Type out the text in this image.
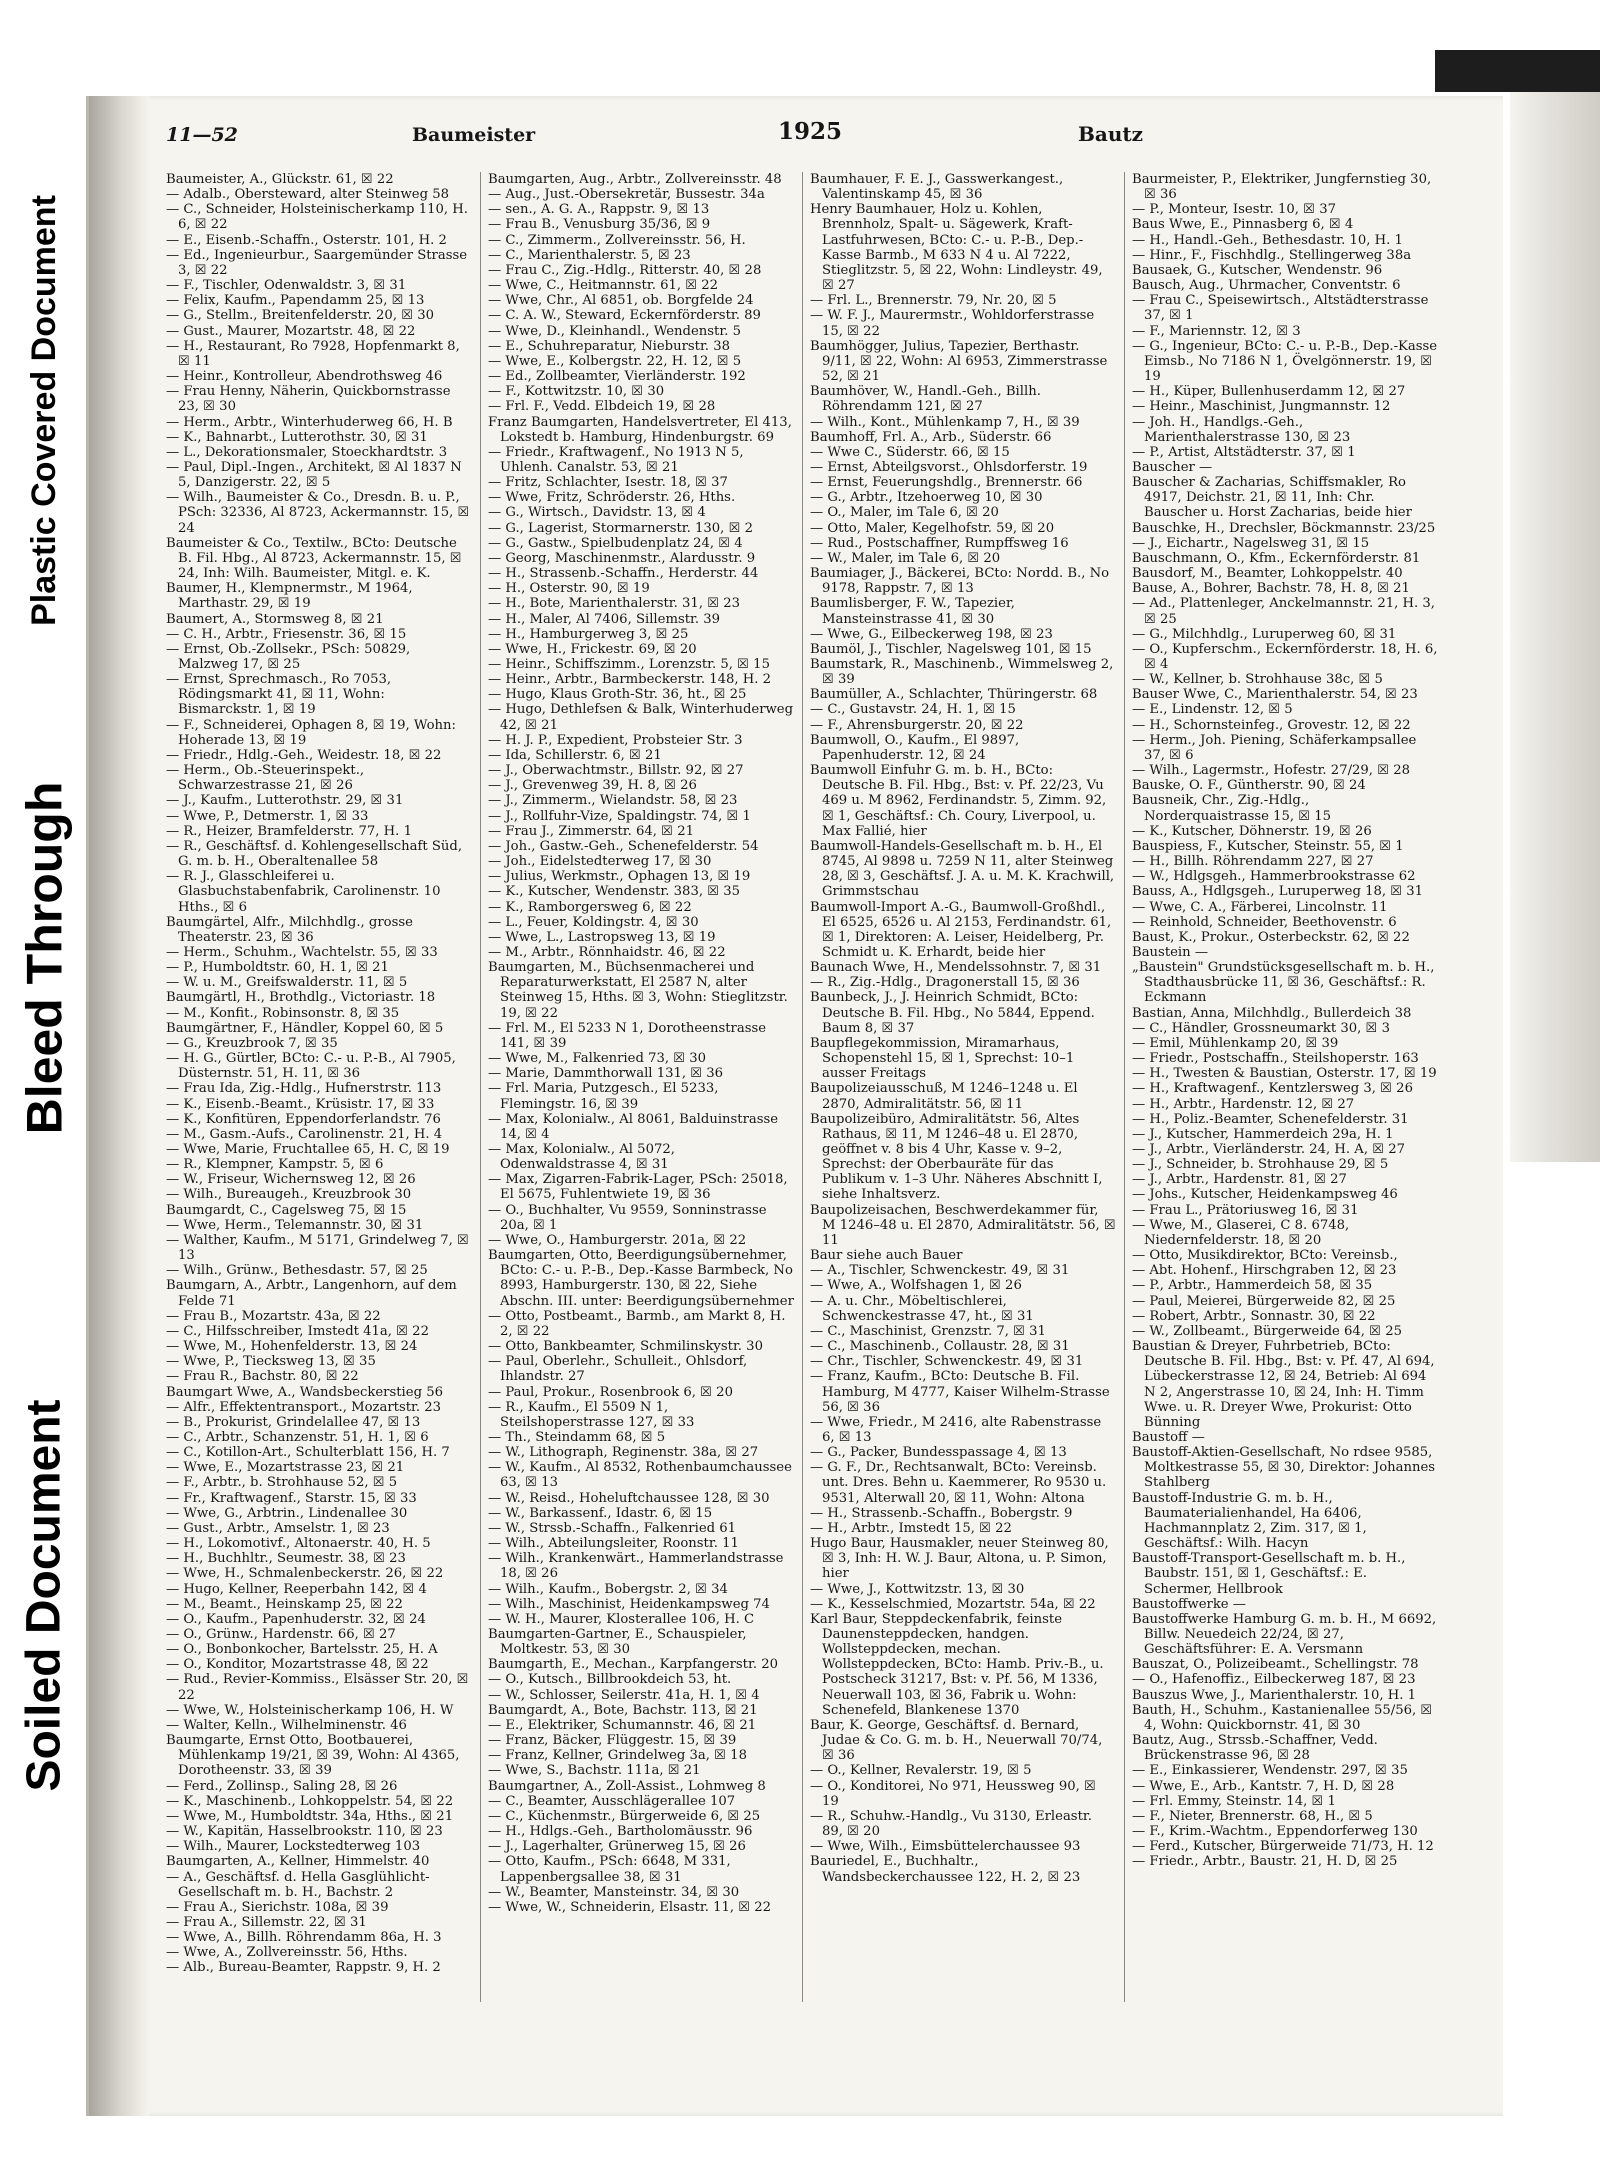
Plastic Covered Document
Bleed Through
Soiled Document
11—52	Baumeister	1925	Bautz

Baumeister, A., Glückstr. 61, ☒ 22

— Adalb., Obersteward, alter Steinweg 58

— C., Schneider, Holsteinischerkamp 110, H. 6, ☒ 22

— E., Eisenb.-Schaffn., Osterstr. 101, H. 2

— Ed., Ingenieurbur., Saargemünder Strasse 3, ☒ 22

— F., Tischler, Odenwaldstr. 3, ☒ 31

— Felix, Kaufm., Papendamm 25, ☒ 13

— G., Stellm., Breitenfelderstr. 20, ☒ 30

— Gust., Maurer, Mozartstr. 48, ☒ 22

— H., Restaurant, Ro 7928, Hopfenmarkt 8, ☒ 11

— Heinr., Kontrolleur, Abendrothsweg 46

— Frau Henny, Näherin, Quickbornstrasse 23, ☒ 30

— Herm., Arbtr., Winterhuderweg 66, H. B

— K., Bahnarbt., Lutterothstr. 30, ☒ 31

— L., Dekorationsmaler, Stoeckhardtstr. 3

— Paul, Dipl.-Ingen., Architekt, ☒ Al 1837 N 5, Danzigerstr. 22, ☒ 5

— Wilh., Baumeister & Co., Dresdn. B. u. P., PSch: 32336, Al 8723, Ackermannstr. 15, ☒ 24

Baumeister & Co., Textilw., BCto: Deutsche B. Fil. Hbg., Al 8723, Ackermannstr. 15, ☒ 24, Inh: Wilh. Baumeister, Mitgl. e. K.

Baumer, H., Klempnermstr., M 1964, Marthastr. 29, ☒ 19

Baumert, A., Stormsweg 8, ☒ 21

— C. H., Arbtr., Friesenstr. 36, ☒ 15

— Ernst, Ob.-Zollsekr., PSch: 50829, Malzweg 17, ☒ 25

— Ernst, Sprechmasch., Ro 7053, Rödingsmarkt 41, ☒ 11, Wohn: Bismarckstr. 1, ☒ 19

— F., Schneiderei, Ophagen 8, ☒ 19, Wohn: Hoherade 13, ☒ 19

— Friedr., Hdlg.-Geh., Weidestr. 18, ☒ 22

— Herm., Ob.-Steuerinspekt., Schwarzestrasse 21, ☒ 26

— J., Kaufm., Lutterothstr. 29, ☒ 31

— Wwe, P., Detmerstr. 1, ☒ 33

— R., Heizer, Bramfelderstr. 77, H. 1

— R., Geschäftsf. d. Kohlengesellschaft Süd, G. m. b. H., Oberaltenallee 58

— R. J., Glasschleiferei u. Glasbuchstabenfabrik, Carolinenstr. 10 Hths., ☒ 6

Baumgärtel, Alfr., Milchhdlg., grosse Theaterstr. 23, ☒ 36

— Herm., Schuhm., Wachtelstr. 55, ☒ 33

— P., Humboldtstr. 60, H. 1, ☒ 21

— W. u. M., Greifswalderstr. 11, ☒ 5

Baumgärtl, H., Brothdlg., Victoriastr. 18

— M., Konfit., Robinsonstr. 8, ☒ 35

Baumgärtner, F., Händler, Koppel 60, ☒ 5

— G., Kreuzbrook 7, ☒ 35

— H. G., Gürtler, BCto: C.- u. P.-B., Al 7905, Düsternstr. 51, H. 11, ☒ 36

— Frau Ida, Zig.-Hdlg., Hufnerstrstr. 113

— K., Eisenb.-Beamt., Krüsistr. 17, ☒ 33

— K., Konfitüren, Eppendorferlandstr. 76

— M., Gasm.-Aufs., Carolinenstr. 21, H. 4

— Wwe, Marie, Fruchtallee 65, H. C, ☒ 19

— R., Klempner, Kampstr. 5, ☒ 6

— W., Friseur, Wichernsweg 12, ☒ 26

— Wilh., Bureaugeh., Kreuzbrook 30

Baumgardt, C., Cagelsweg 75, ☒ 15

— Wwe, Herm., Telemannstr. 30, ☒ 31

— Walther, Kaufm., M 5171, Grindelweg 7, ☒ 13

— Wilh., Grünw., Bethesdastr. 57, ☒ 25

Baumgarn, A., Arbtr., Langenhorn, auf dem Felde 71

— Frau B., Mozartstr. 43a, ☒ 22

— C., Hilfsschreiber, Imstedt 41a, ☒ 22

— Wwe, M., Hohenfelderstr. 13, ☒ 24

— Wwe, P., Tiecksweg 13, ☒ 35

— Frau R., Bachstr. 80, ☒ 22

Baumgart Wwe, A., Wandsbeckerstieg 56

— Alfr., Effektentransport., Mozartstr. 23

— B., Prokurist, Grindelallee 47, ☒ 13

— C., Arbtr., Schanzenstr. 51, H. 1, ☒ 6

— C., Kotillon-Art., Schulterblatt 156, H. 7

— Wwe, E., Mozartstrasse 23, ☒ 21

— F., Arbtr., b. Strohhause 52, ☒ 5

— Fr., Kraftwagenf., Starstr. 15, ☒ 33

— Wwe, G., Arbtrin., Lindenallee 30

— Gust., Arbtr., Amselstr. 1, ☒ 23

— H., Lokomotivf., Altonaerstr. 40, H. 5

— H., Buchhltr., Seumestr. 38, ☒ 23

— Wwe, H., Schmalenbeckerstr. 26, ☒ 22

— Hugo, Kellner, Reeperbahn 142, ☒ 4

— M., Beamt., Heinskamp 25, ☒ 22

— O., Kaufm., Papenhuderstr. 32, ☒ 24

— O., Grünw., Hardenstr. 66, ☒ 27

— O., Bonbonkocher, Bartelsstr. 25, H. A

— O., Konditor, Mozartstrasse 48, ☒ 22

— Rud., Revier-Kommiss., Elsässer Str. 20, ☒ 22

— Wwe, W., Holsteinischerkamp 106, H. W

— Walter, Kelln., Wilhelminenstr. 46

Baumgarte, Ernst Otto, Bootbauerei, Mühlenkamp 19/21, ☒ 39, Wohn: Al 4365, Dorotheenstr. 33, ☒ 39

— Ferd., Zollinsp., Saling 28, ☒ 26

— K., Maschinenb., Lohkoppelstr. 54, ☒ 22

— Wwe, M., Humboldtstr. 34a, Hths., ☒ 21

— W., Kapitän, Hasselbrookstr. 110, ☒ 23

— Wilh., Maurer, Lockstedterweg 103

Baumgarten, A., Kellner, Himmelstr. 40

— A., Geschäftsf. d. Hella Gasglühlicht-Gesellschaft m. b. H., Bachstr. 2

— Frau A., Sierichstr. 108a, ☒ 39

— Frau A., Sillemstr. 22, ☒ 31

— Wwe, A., Billh. Röhrendamm 86a, H. 3

— Wwe, A., Zollvereinsstr. 56, Hths.

— Alb., Bureau-Beamter, Rappstr. 9, H. 2

Baumgarten, Aug., Arbtr., Zollvereinsstr. 48

— Aug., Just.-Obersekretär, Bussestr. 34a

— sen., A. G. A., Rappstr. 9, ☒ 13

— Frau B., Venusburg 35/36, ☒ 9

— C., Zimmerm., Zollvereinsstr. 56, H.

— C., Marienthalerstr. 5, ☒ 23

— Frau C., Zig.-Hdlg., Ritterstr. 40, ☒ 28

— Wwe, C., Heitmannstr. 61, ☒ 22

— Wwe, Chr., Al 6851, ob. Borgfelde 24

— C. A. W., Steward, Eckernförderstr. 89

— Wwe, D., Kleinhandl., Wendenstr. 5

— E., Schuhreparatur, Nieburstr. 38

— Wwe, E., Kolbergstr. 22, H. 12, ☒ 5

— Ed., Zollbeamter, Vierländerstr. 192

— F., Kottwitzstr. 10, ☒ 30

— Frl. F., Vedd. Elbdeich 19, ☒ 28

Franz Baumgarten, Handelsvertreter, El 413, Lokstedt b. Hamburg, Hindenburgstr. 69

— Friedr., Kraftwagenf., No 1913 N 5, Uhlenh. Canalstr. 53, ☒ 21

— Fritz, Schlachter, Isestr. 18, ☒ 37

— Wwe, Fritz, Schröderstr. 26, Hths.

— G., Wirtsch., Davidstr. 13, ☒ 4

— G., Lagerist, Stormarnerstr. 130, ☒ 2

— G., Gastw., Spielbudenplatz 24, ☒ 4

— Georg, Maschinenmstr., Alardusstr. 9

— H., Strassenb.-Schaffn., Herderstr. 44

— H., Osterstr. 90, ☒ 19

— H., Bote, Marienthalerstr. 31, ☒ 23

— H., Maler, Al 7406, Sillemstr. 39

— H., Hamburgerweg 3, ☒ 25

— Wwe, H., Frickestr. 69, ☒ 20

— Heinr., Schiffszimm., Lorenzstr. 5, ☒ 15

— Heinr., Arbtr., Barmbeckerstr. 148, H. 2

— Hugo, Klaus Groth-Str. 36, ht., ☒ 25

— Hugo, Dethlefsen & Balk, Winterhuderweg 42, ☒ 21

— H. J. P., Expedient, Probsteier Str. 3

— Ida, Schillerstr. 6, ☒ 21

— J., Oberwachtmstr., Billstr. 92, ☒ 27

— J., Grevenweg 39, H. 8, ☒ 26

— J., Zimmerm., Wielandstr. 58, ☒ 23

— J., Rollfuhr-Vize, Spaldingstr. 74, ☒ 1

— Frau J., Zimmerstr. 64, ☒ 21

— Joh., Gastw.-Geh., Schenefelderstr. 54

— Joh., Eidelstedterweg 17, ☒ 30

— Julius, Werkmstr., Ophagen 13, ☒ 19

— K., Kutscher, Wendenstr. 383, ☒ 35

— K., Ramborgersweg 6, ☒ 22

— L., Feuer, Koldingstr. 4, ☒ 30

— Wwe, L., Lastropsweg 13, ☒ 19

— M., Arbtr., Rönnhaidstr. 46, ☒ 22

Baumgarten, M., Büchsenmacherei und Reparaturwerkstatt, El 2587 N, alter Steinweg 15, Hths. ☒ 3, Wohn: Stieglitzstr. 19, ☒ 22

— Frl. M., El 5233 N 1, Dorotheenstrasse 141, ☒ 39

— Wwe, M., Falkenried 73, ☒ 30

— Marie, Dammthorwall 131, ☒ 36

— Frl. Maria, Putzgesch., El 5233, Flemingstr. 16, ☒ 39

— Max, Kolonialw., Al 8061, Balduinstrasse 14, ☒ 4

— Max, Kolonialw., Al 5072, Odenwaldstrasse 4, ☒ 31

— Max, Zigarren-Fabrik-Lager, PSch: 25018, El 5675, Fuhlentwiete 19, ☒ 36

— O., Buchhalter, Vu 9559, Sonninstrasse 20a, ☒ 1

— Wwe, O., Hamburgerstr. 201a, ☒ 22

Baumgarten, Otto, Beerdigungsübernehmer, BCto: C.- u. P.-B., Dep.-Kasse Barmbeck, No 8993, Hamburgerstr. 130, ☒ 22, Siehe Abschn. III. unter: Beerdigungsübernehmer

— Otto, Postbeamt., Barmb., am Markt 8, H. 2, ☒ 22

— Otto, Bankbeamter, Schmilinskystr. 30

— Paul, Oberlehr., Schulleit., Ohlsdorf, Ihlandstr. 27

— Paul, Prokur., Rosenbrook 6, ☒ 20

— R., Kaufm., El 5509 N 1, Steilshoperstrasse 127, ☒ 33

— Th., Steindamm 68, ☒ 5

— W., Lithograph, Reginenstr. 38a, ☒ 27

— W., Kaufm., Al 8532, Rothenbaumchaussee 63, ☒ 13

— W., Reisd., Hoheluftchaussee 128, ☒ 30

— W., Barkassenf., Idastr. 6, ☒ 15

— W., Strssb.-Schaffn., Falkenried 61

— Wilh., Abteilungsleiter, Roonstr. 11

— Wilh., Krankenwärt., Hammerlandstrasse 18, ☒ 26

— Wilh., Kaufm., Bobergstr. 2, ☒ 34

— Wilh., Maschinist, Heidenkampsweg 74

— W. H., Maurer, Klosterallee 106, H. C

Baumgarten-Gartner, E., Schauspieler, Moltkestr. 53, ☒ 30

Baumgarth, E., Mechan., Karpfangerstr. 20

— O., Kutsch., Billbrookdeich 53, ht.

— W., Schlosser, Seilerstr. 41a, H. 1, ☒ 4

Baumgardt, A., Bote, Bachstr. 113, ☒ 21

— E., Elektriker, Schumannstr. 46, ☒ 21

— Franz, Bäcker, Flüggestr. 15, ☒ 39

— Franz, Kellner, Grindelweg 3a, ☒ 18

— Wwe, S., Bachstr. 111a, ☒ 21

Baumgartner, A., Zoll-Assist., Lohmweg 8

— C., Beamter, Ausschlägerallee 107

— C., Küchenmstr., Bürgerweide 6, ☒ 25

— H., Hdlgs.-Geh., Bartholomäusstr. 96

— J., Lagerhalter, Grünerweg 15, ☒ 26

— Otto, Kaufm., PSch: 6648, M 331, Lappenbergsallee 38, ☒ 31

— W., Beamter, Mansteinstr. 34, ☒ 30

— Wwe, W., Schneiderin, Elsastr. 11, ☒ 22

Baumhauer, F. E. J., Gasswerkangest., Valentinskamp 45, ☒ 36

Henry Baumhauer, Holz u. Kohlen, Brennholz, Spalt- u. Sägewerk, Kraft-Lastfuhrwesen, BCto: C.- u. P.-B., Dep.-Kasse Barmb., M 633 N 4 u. Al 7222, Stieglitzstr. 5, ☒ 22, Wohn: Lindleystr. 49, ☒ 27

— Frl. L., Brennerstr. 79, Nr. 20, ☒ 5

— W. F. J., Maurermstr., Wohldorferstrasse 15, ☒ 22

Baumhögger, Julius, Tapezier, Berthastr. 9/11, ☒ 22, Wohn: Al 6953, Zimmerstrasse 52, ☒ 21

Baumhöver, W., Handl.-Geh., Billh. Röhrendamm 121, ☒ 27

— Wilh., Kont., Mühlenkamp 7, H., ☒ 39

Baumhoff, Frl. A., Arb., Süderstr. 66

— Wwe C., Süderstr. 66, ☒ 15

— Ernst, Abteilgsvorst., Ohlsdorferstr. 19

— Ernst, Feuerungshdlg., Brennerstr. 66

— G., Arbtr., Itzehoerweg 10, ☒ 30

— O., Maler, im Tale 6, ☒ 20

— Otto, Maler, Kegelhofstr. 59, ☒ 20

— Rud., Postschaffner, Rumpffsweg 16

— W., Maler, im Tale 6, ☒ 20

Baumiager, J., Bäckerei, BCto: Nordd. B., No 9178, Rappstr. 7, ☒ 13

Baumlisberger, F. W., Tapezier, Mansteinstrasse 41, ☒ 30

— Wwe, G., Eilbeckerweg 198, ☒ 23

Baumöl, J., Tischler, Nagelsweg 101, ☒ 15

Baumstark, R., Maschinenb., Wimmelsweg 2, ☒ 39

Baumüller, A., Schlachter, Thüringerstr. 68

— C., Gustavstr. 24, H. 1, ☒ 15

— F., Ahrensburgerstr. 20, ☒ 22

Baumwoll, O., Kaufm., El 9897, Papenhuderstr. 12, ☒ 24

Baumwoll Einfuhr G. m. b. H., BCto: Deutsche B. Fil. Hbg., Bst: v. Pf. 22/23, Vu 469 u. M 8962, Ferdinandstr. 5, Zimm. 92, ☒ 1, Geschäftsf.: Ch. Coury, Liverpool, u. Max Fallié, hier

Baumwoll-Handels-Gesellschaft m. b. H., El 8745, Al 9898 u. 7259 N 11, alter Steinweg 28, ☒ 3, Geschäftsf. J. A. u. M. K. Krachwill, Grimmstschau

Baumwoll-Import A.-G., Baumwoll-Großhdl., El 6525, 6526 u. Al 2153, Ferdinandstr. 61, ☒ 1, Direktoren: A. Leiser, Heidelberg, Pr. Schmidt u. K. Erhardt, beide hier

Baunach Wwe, H., Mendelssohnstr. 7, ☒ 31

— R., Zig.-Hdlg., Dragonerstall 15, ☒ 36

Baunbeck, J., J. Heinrich Schmidt, BCto: Deutsche B. Fil. Hbg., No 5844, Eppend. Baum 8, ☒ 37

Baupflegekommission, Miramarhaus, Schopenstehl 15, ☒ 1, Sprechst: 10–1 ausser Freitags

Baupolizeiausschuß, M 1246–1248 u. El 2870, Admiralitätstr. 56, ☒ 11

Baupolizeibüro, Admiralitätstr. 56, Altes Rathaus, ☒ 11, M 1246–48 u. El 2870, geöffnet v. 8 bis 4 Uhr, Kasse v. 9–2, Sprechst: der Oberbauräte für das Publikum v. 1–3 Uhr. Näheres Abschnitt I, siehe Inhaltsverz.

Baupolizeisachen, Beschwerdekammer für, M 1246–48 u. El 2870, Admiralitätstr. 56, ☒ 11

Baur siehe auch Bauer

— A., Tischler, Schwenckestr. 49, ☒ 31

— Wwe, A., Wolfshagen 1, ☒ 26

— A. u. Chr., Möbeltischlerei, Schwenckestrasse 47, ht., ☒ 31

— C., Maschinist, Grenzstr. 7, ☒ 31

— C., Maschinenb., Collaustr. 28, ☒ 31

— Chr., Tischler, Schwenckestr. 49, ☒ 31

— Franz, Kaufm., BCto: Deutsche B. Fil. Hamburg, M 4777, Kaiser Wilhelm-Strasse 56, ☒ 36

— Wwe, Friedr., M 2416, alte Rabenstrasse 6, ☒ 13

— G., Packer, Bundesspassage 4, ☒ 13

— G. F., Dr., Rechtsanwalt, BCto: Vereinsb. unt. Dres. Behn u. Kaemmerer, Ro 9530 u. 9531, Alterwall 20, ☒ 11, Wohn: Altona

— H., Strassenb.-Schaffn., Bobergstr. 9

— H., Arbtr., Imstedt 15, ☒ 22

Hugo Baur, Hausmakler, neuer Steinweg 80, ☒ 3, Inh: H. W. J. Baur, Altona, u. P. Simon, hier

— Wwe, J., Kottwitzstr. 13, ☒ 30

— K., Kesselschmied, Mozartstr. 54a, ☒ 22

Karl Baur, Steppdeckenfabrik, feinste Daunensteppdecken, handgen. Wollsteppdecken, mechan. Wollsteppdecken, BCto: Hamb. Priv.-B., u. Postscheck 31217, Bst: v. Pf. 56, M 1336, Neuerwall 103, ☒ 36, Fabrik u. Wohn: Schenefeld, Blankenese 1370

Baur, K. George, Geschäftsf. d. Bernard, Judae & Co. G. m. b. H., Neuerwall 70/74, ☒ 36

— O., Kellner, Revalerstr. 19, ☒ 5

— O., Konditorei, No 971, Heussweg 90, ☒ 19

— R., Schuhw.-Handlg., Vu 3130, Erleastr. 89, ☒ 20

— Wwe, Wilh., Eimsbüttelerchaussee 93

Bauriedel, E., Buchhaltr., Wandsbeckerchaussee 122, H. 2, ☒ 23

Baurmeister, P., Elektriker, Jungfernstieg 30, ☒ 36

— P., Monteur, Isestr. 10, ☒ 37

Baus Wwe, E., Pinnasberg 6, ☒ 4

— H., Handl.-Geh., Bethesdastr. 10, H. 1

— Hinr., F., Fischhdlg., Stellingerweg 38a

Bausaek, G., Kutscher, Wendenstr. 96

Bausch, Aug., Uhrmacher, Conventstr. 6

— Frau C., Speisewirtsch., Altstädterstrasse 37, ☒ 1

— F., Mariennstr. 12, ☒ 3

— G., Ingenieur, BCto: C.- u. P.-B., Dep.-Kasse Eimsb., No 7186 N 1, Övelgönnerstr. 19, ☒ 19

— H., Küper, Bullenhuserdamm 12, ☒ 27

— Heinr., Maschinist, Jungmannstr. 12

— Joh. H., Handlgs.-Geh., Marienthalerstrasse 130, ☒ 23

— P., Artist, Altstädterstr. 37, ☒ 1

Bauscher —

Bauscher & Zacharias, Schiffsmakler, Ro 4917, Deichstr. 21, ☒ 11, Inh: Chr. Bauscher u. Horst Zacharias, beide hier

Bauschke, H., Drechsler, Böckmannstr. 23/25

— J., Eichartr., Nagelsweg 31, ☒ 15

Bauschmann, O., Kfm., Eckernförderstr. 81

Bausdorf, M., Beamter, Lohkoppelstr. 40

Bause, A., Bohrer, Bachstr. 78, H. 8, ☒ 21

— Ad., Plattenleger, Anckelmannstr. 21, H. 3, ☒ 25

— G., Milchhdlg., Luruperweg 60, ☒ 31

— O., Kupferschm., Eckernförderstr. 18, H. 6, ☒ 4

— W., Kellner, b. Strohhause 38c, ☒ 5

Bauser Wwe, C., Marienthalerstr. 54, ☒ 23

— E., Lindenstr. 12, ☒ 5

— H., Schornsteinfeg., Grovestr. 12, ☒ 22

— Herm., Joh. Piening, Schäferkampsallee 37, ☒ 6

— Wilh., Lagermstr., Hofestr. 27/29, ☒ 28

Bauske, O. F., Güntherstr. 90, ☒ 24

Bausneik, Chr., Zig.-Hdlg., Norderquaistrasse 15, ☒ 15

— K., Kutscher, Döhnerstr. 19, ☒ 26

Bauspiess, F., Kutscher, Steinstr. 55, ☒ 1

— H., Billh. Röhrendamm 227, ☒ 27

— W., Hdlgsgeh., Hammerbrookstrasse 62

Bauss, A., Hdlgsgeh., Luruperweg 18, ☒ 31

— Wwe, C. A., Färberei, Lincolnstr. 11

— Reinhold, Schneider, Beethovenstr. 6

Baust, K., Prokur., Osterbeckstr. 62, ☒ 22

Baustein —

„Baustein" Grundstücksgesellschaft m. b. H., Stadthausbrücke 11, ☒ 36, Geschäftsf.: R. Eckmann

Bastian, Anna, Milchhdlg., Bullerdeich 38

— C., Händler, Grossneumarkt 30, ☒ 3

— Emil, Mühlenkamp 20, ☒ 39

— Friedr., Postschaffn., Steilshoperstr. 163

— H., Twesten & Baustian, Osterstr. 17, ☒ 19

— H., Kraftwagenf., Kentzlersweg 3, ☒ 26

— H., Arbtr., Hardenstr. 12, ☒ 27

— H., Poliz.-Beamter, Schenefelderstr. 31

— J., Kutscher, Hammerdeich 29a, H. 1

— J., Arbtr., Vierländerstr. 24, H. A, ☒ 27

— J., Schneider, b. Strohhause 29, ☒ 5

— J., Arbtr., Hardenstr. 81, ☒ 27

— Johs., Kutscher, Heidenkampsweg 46

— Frau L., Prätoriusweg 16, ☒ 31

— Wwe, M., Glaserei, C 8. 6748, Niedernfelderstr. 18, ☒ 20

— Otto, Musikdirektor, BCto: Vereinsb.,

— Abt. Hohenf., Hirschgraben 12, ☒ 23

— P., Arbtr., Hammerdeich 58, ☒ 35

— Paul, Meierei, Bürgerweide 82, ☒ 25

— Robert, Arbtr., Sonnastr. 30, ☒ 22

— W., Zollbeamt., Bürgerweide 64, ☒ 25

Baustian & Dreyer, Fuhrbetrieb, BCto: Deutsche B. Fil. Hbg., Bst: v. Pf. 47, Al 694, Lübeckerstrasse 12, ☒ 24, Betrieb: Al 694 N 2, Angerstrasse 10, ☒ 24, Inh: H. Timm Wwe. u. R. Dreyer Wwe, Prokurist: Otto Bünning

Baustoff —

Baustoff-Aktien-Gesellschaft, No rdsee 9585, Moltkestrasse 55, ☒ 30, Direktor: Johannes Stahlberg

Baustoff-Industrie G. m. b. H., Baumaterialienhandel, Ha 6406, Hachmannplatz 2, Zim. 317, ☒ 1, Geschäftsf.: Wilh. Hacyn

Baustoff-Transport-Gesellschaft m. b. H., Baubstr. 151, ☒ 1, Geschäftsf.: E. Schermer, Hellbrook

Baustoffwerke —

Baustoffwerke Hamburg G. m. b. H., M 6692, Billw. Neuedeich 22/24, ☒ 27, Geschäftsführer: E. A. Versmann

Bauszat, O., Polizeibeamt., Schellingstr. 78

— O., Hafenoffiz., Eilbeckerweg 187, ☒ 23

Bauszus Wwe, J., Marienthalerstr. 10, H. 1

Bauth, H., Schuhm., Kastanienallee 55/56, ☒ 4, Wohn: Quickbornstr. 41, ☒ 30

Bautz, Aug., Strssb.-Schaffner, Vedd. Brückenstrasse 96, ☒ 28

— E., Einkassierer, Wendenstr. 297, ☒ 35

— Wwe, E., Arb., Kantstr. 7, H. D, ☒ 28

— Frl. Emmy, Steinstr. 14, ☒ 1

— F., Nieter, Brennerstr. 68, H., ☒ 5

— F., Krim.-Wachtm., Eppendorferweg 130

— Ferd., Kutscher, Bürgerweide 71/73, H. 12

— Friedr., Arbtr., Baustr. 21, H. D, ☒ 25
